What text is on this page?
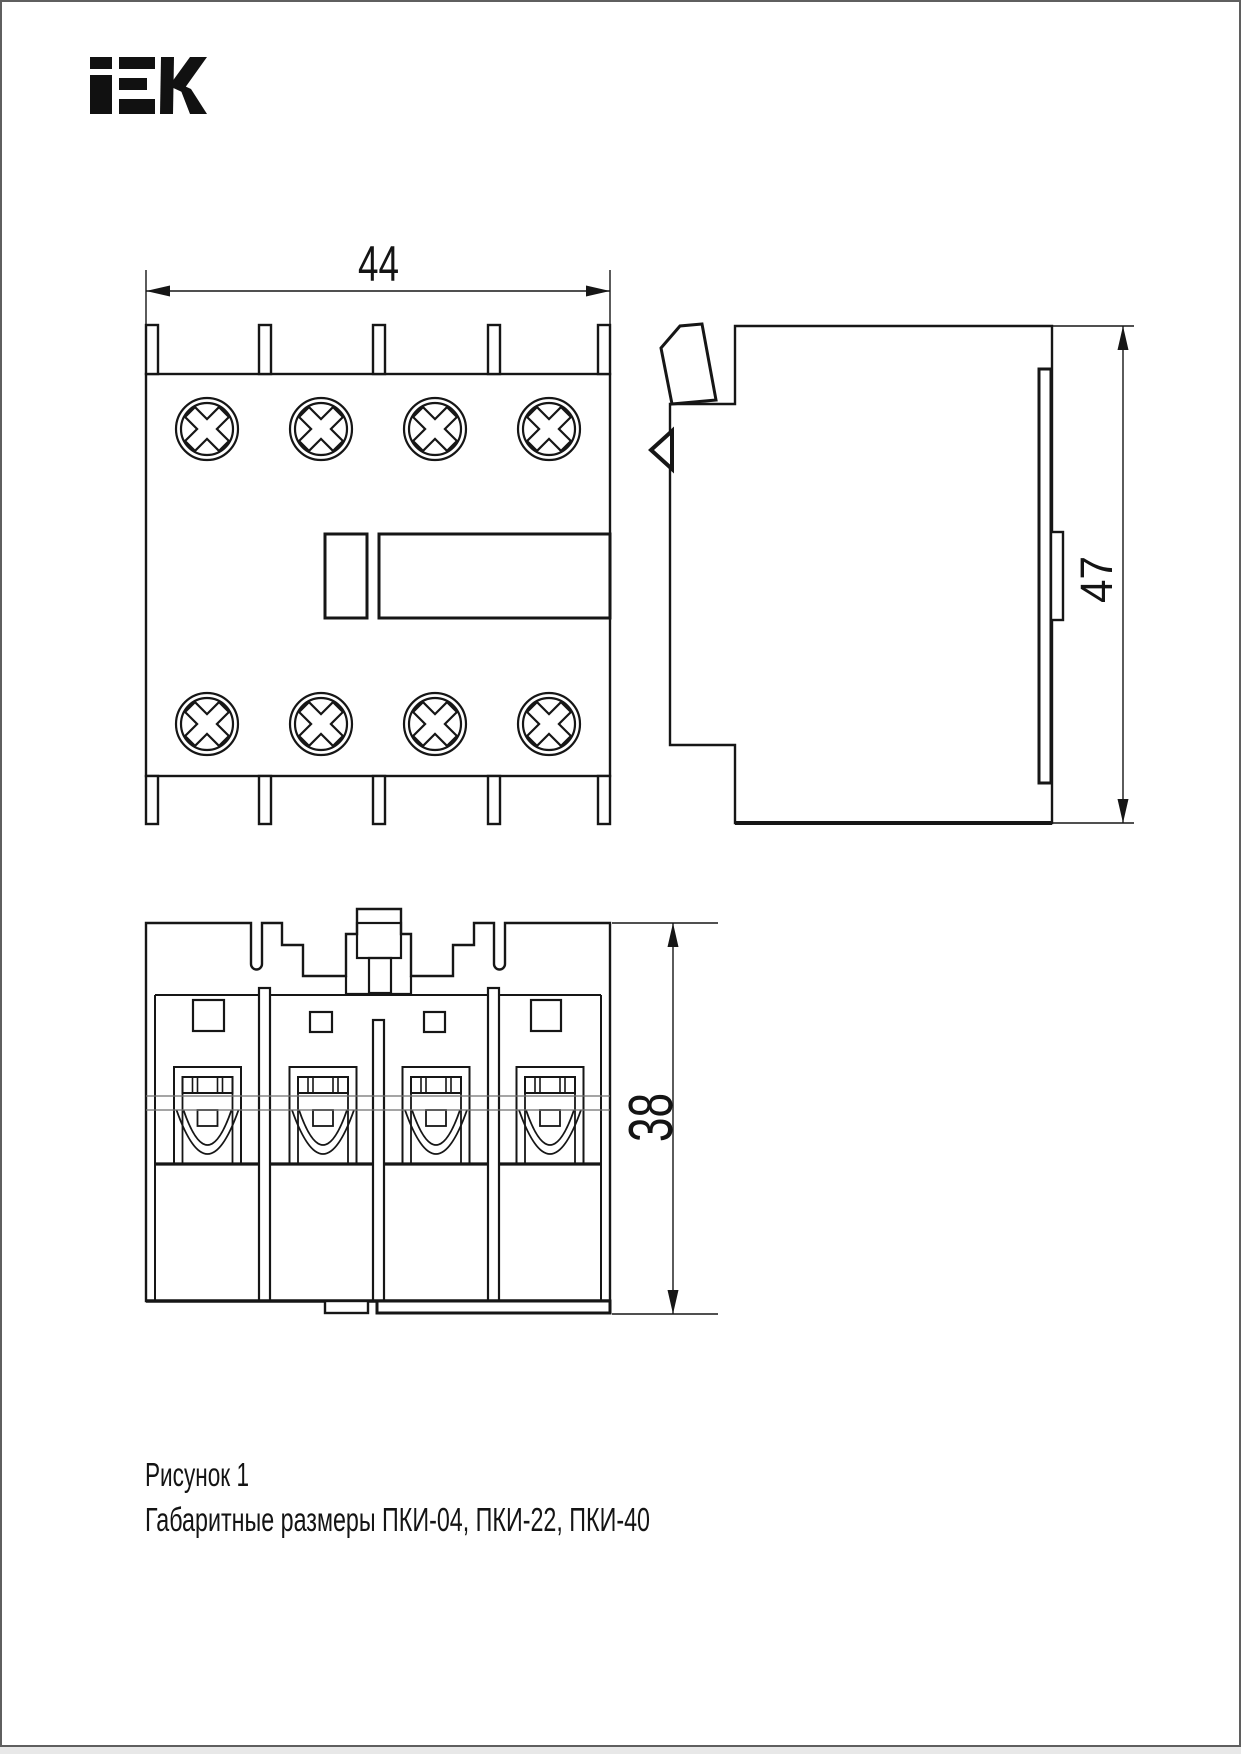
44
47
38
Рисунок 1
Габаритные размеры ПКИ-04, ПКИ-22, ПКИ-40
